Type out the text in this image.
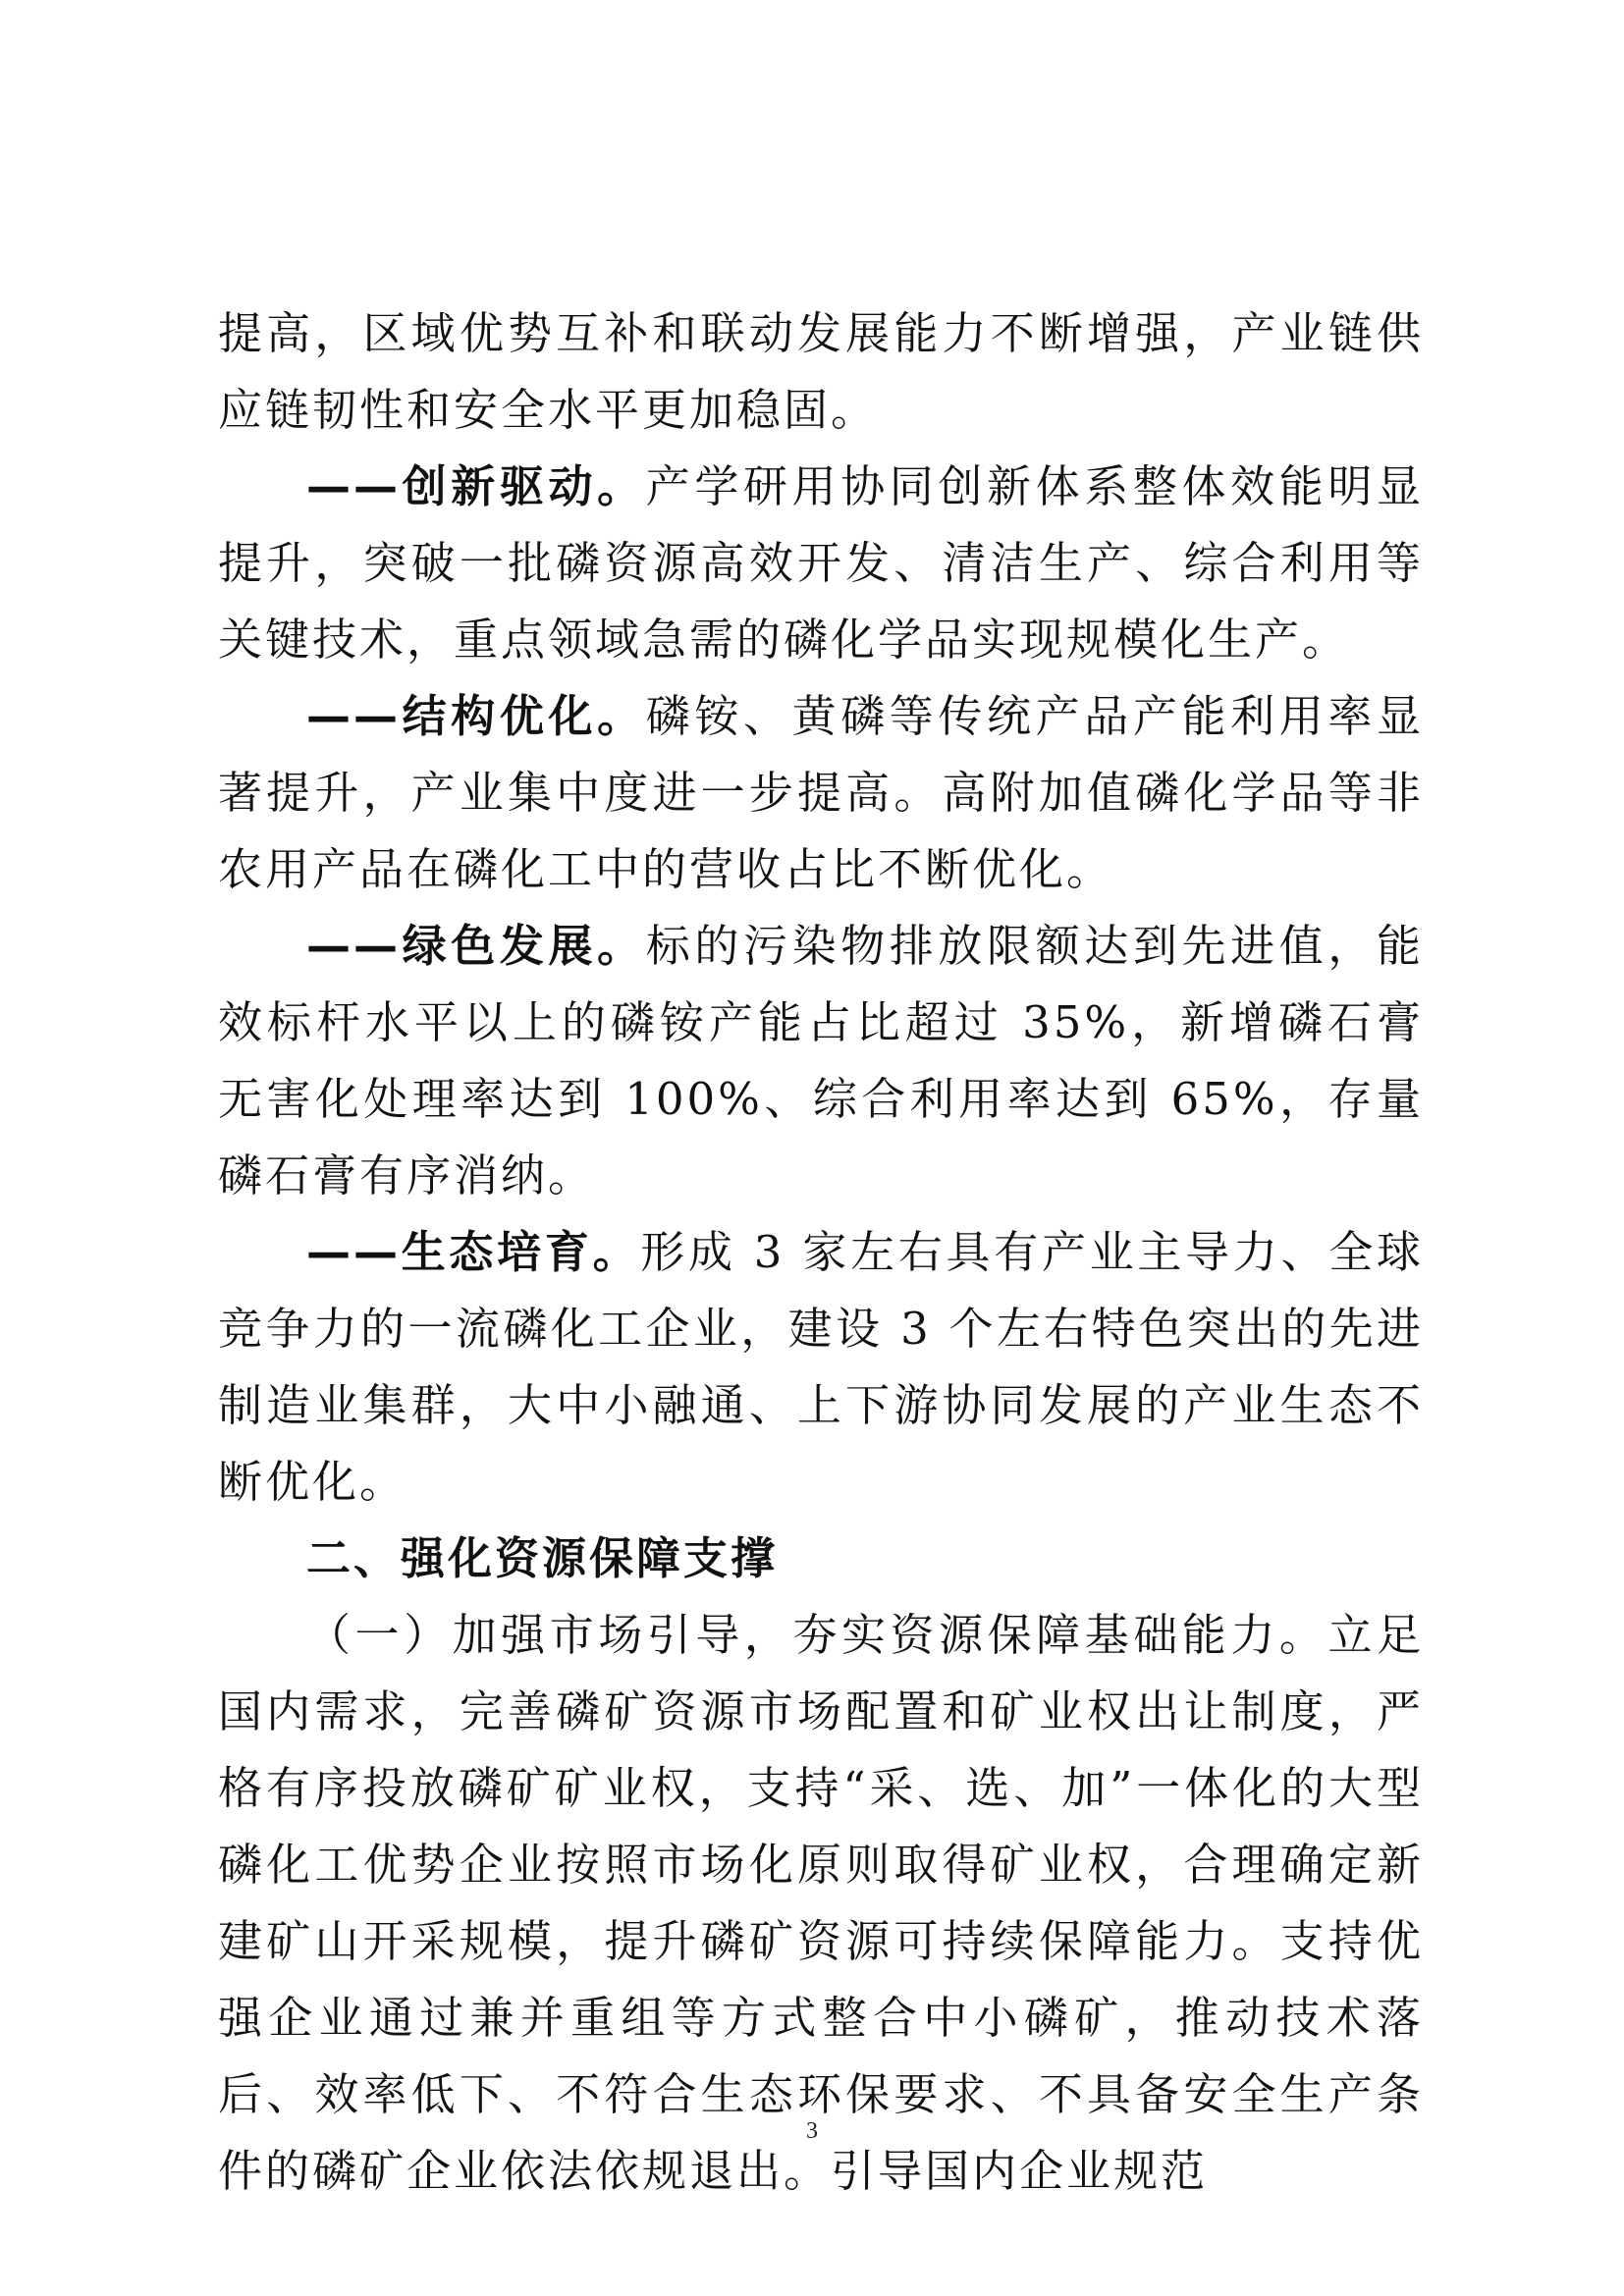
提高，区域优势互补和联动发展能力不断增强，产业链供应链韧性和安全水平更加稳固。

——创新驱动。产学研用协同创新体系整体效能明显提升，突破一批磷资源高效开发、清洁生产、综合利用等关键技术，重点领域急需的磷化学品实现规模化生产。

——结构优化。磷铵、黄磷等传统产品产能利用率显著提升，产业集中度进一步提高。高附加值磷化学品等非农用产品在磷化工中的营收占比不断优化。

——绿色发展。标的污染物排放限额达到先进值，能效标杆水平以上的磷铵产能占比超过 35%，新增磷石膏无害化处理率达到 100%、综合利用率达到 65%，存量磷石膏有序消纳。

——生态培育。形成 3 家左右具有产业主导力、全球竞争力的一流磷化工企业，建设 3 个左右特色突出的先进制造业集群，大中小融通、上下游协同发展的产业生态不断优化。

二、强化资源保障支撑

（一）加强市场引导，夯实资源保障基础能力。立足国内需求，完善磷矿资源市场配置和矿业权出让制度，严格有序投放磷矿矿业权，支持“采、选、加”一体化的大型磷化工优势企业按照市场化原则取得矿业权，合理确定新建矿山开采规模，提升磷矿资源可持续保障能力。支持优强企业通过兼并重组等方式整合中小磷矿，推动技术落后、效率低下、不符合生态环保要求、不具备安全生产条件的磷矿企业依法依规退出。引导国内企业规范

3
